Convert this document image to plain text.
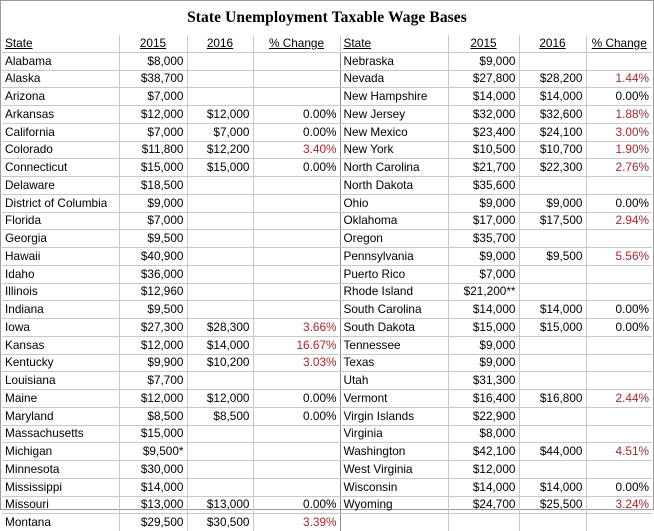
State Unemployment Taxable Wage Bases
State	2015	2016	% Change	State	2015	2016	% Change
Alabama	$8,000			Nebraska	$9,000		
Alaska	$38,700			Nevada	$27,800	$28,200	1.44%
Arizona	$7,000			New Hampshire	$14,000	$14,000	0.00%
Arkansas	$12,000	$12,000	0.00%	New Jersey	$32,000	$32,600	1.88%
California	$7,000	$7,000	0.00%	New Mexico	$23,400	$24,100	3.00%
Colorado	$11,800	$12,200	3.40%	New York	$10,500	$10,700	1.90%
Connecticut	$15,000	$15,000	0.00%	North Carolina	$21,700	$22,300	2.76%
Delaware	$18,500			North Dakota	$35,600		
District of Columbia	$9,000			Ohio	$9,000	$9,000	0.00%
Florida	$7,000			Oklahoma	$17,000	$17,500	2.94%
Georgia	$9,500			Oregon	$35,700		
Hawaii	$40,900			Pennsylvania	$9,000	$9,500	5.56%
Idaho	$36,000			Puerto Rico	$7,000		
Illinois	$12,960			Rhode Island	$21,200**		
Indiana	$9,500			South Carolina	$14,000	$14,000	0.00%
Iowa	$27,300	$28,300	3.66%	South Dakota	$15,000	$15,000	0.00%
Kansas	$12,000	$14,000	16.67%	Tennessee	$9,000		
Kentucky	$9,900	$10,200	3.03%	Texas	$9,000		
Louisiana	$7,700			Utah	$31,300		
Maine	$12,000	$12,000	0.00%	Vermont	$16,400	$16,800	2.44%
Maryland	$8,500	$8,500	0.00%	Virgin Islands	$22,900		
Massachusetts	$15,000			Virginia	$8,000		
Michigan	$9,500*			Washington	$42,100	$44,000	4.51%
Minnesota	$30,000			West Virginia	$12,000		
Mississippi	$14,000			Wisconsin	$14,000	$14,000	0.00%
Missouri	$13,000	$13,000	0.00%	Wyoming	$24,700	$25,500	3.24%
Montana	$29,500	$30,500	3.39%				
